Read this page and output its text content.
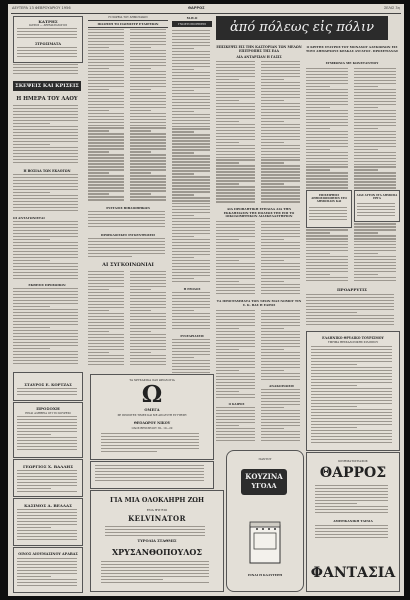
ΔΕΥΤΕΡΑ 13 ΦΕΒΡΟΥΑΡΙΟΥ 1956	ΘΑΡΡΟΣ	ΣΕΛΙΣ 3η
ΚΑΤΡΗΣ
ΙΑΤΡΟΣ — ΔΕΡΜΑΤΟΛΟΓΟΣ
ΣΤΡΩΣΙΜΑΤΑ
ΣΚΕΨΕΙΣ ΚΑΙ ΚΡΙΣΕΙΣ
Η ΗΜΕΡΑ ΤΟΥ ΛΑΟΥ
Η ΒΟΣΙΛΑ ΤΩΝ ΕΚΛΟΓΩΝ
ΟΙ ΑΝΤΑΓΩΝΙΣΤΑΙ
ΕΚΘΕΣΙΣ ΠΡΟΣΩΠΩΝ
ΣΤΑΥΡΟΣ Ε. ΚΟΡΤΖΑΣ
ΠΡΟΣΟΧΗ
ΕΙΝΑΙ ΑΛΗΘΕΙΑ ΟΤΙ ΤΟ ΚΟΥΡΕΙΟ
ΓΕΩΡΓΙΟΣ Χ. ΒΑΛΛΗΣ
ΚΑΣΙΜΟΣ Α. ΒΕΛΛΑΣ
ΟΙΝΟΣ ΔΙΟΥΜΑΣΙΝΟΥ ΑΡΑΒΑΣ
Η ΠΟΡΕΙΑ ΤΟΥ ΔΗΜΟΤΑΙΩΝ
ΠΩΛΗΣΗ ΤΟ ΠΑΙΜΙΣΤΡ ΕΤΑΙΡΕΙΩΝ
ΣΥΣΤΑΣΙΣ ΒΙΒΛΙΟΘΗΚΩΝ
ΠΡΟΕΚΛΟΓΙΚΕΣ ΣΥΓΚΕΝΤΡΩΣΕΙΣ
ΑΙ ΣΥΓΚΟΙΝΩΝΙΑΙ
Μ.Θ.Ο
ΓΝΩΣΤΟΠΟΙΗΣΕΙΣ
Η ΕΞΟΔΟΣ
ΣΥΝΕΔΡΙΑΣΕΙΣ
ΤΑ ΧΡΥΣΑΦΙΚΑ ΣΑΣ ΩΡΟΛΟΓΙΑ
Ω
ΟΜΕΓΑ
ΣΕ ΠΡΟΣΙΤΕΣ ΤΙΜΕΣ ΚΑΙ ΜΕ ΑΠΟΛΥΤΗ ΕΓΓΥΗΣΗ
ΘΕΟΔΩΡΟΥ ΝΙΚΟΥ
ΟΔΟΣ ΒΕΝΙΖΕΛΟΥ Πλ. 10—20
ΓΙΑ ΜΙΑ ΟΛΟΚΛΗΡΗ ΖΩΗ
ΕΝΑ ΨΥΓΕΙΟ
KELVINATOR
ΤΥΡΟΛΙΑ ΣΤΑΘΜΙΣ
ΧΡΥΣΑΝΘΟΠΟΥΛΟΣ
ἀπό πόλεως εἰς πόλιν
ΕΠΙΣΚΕΨΙΣ ΕΙΣ ΤΗΝ ΚΑΣΤΟΡΙΑΝ ΤΩΝ ΜΕΛΩΝ ΕΠΙΤΡΟΠΗΣ ΤΗΣ ΕΔΑ
ΔΙΑ ΑΝΤΑΡΣΙΑΝ Η ΓΑΣΙΣ
ΔΙΑ ΠΡΟΒΛΗΤΙΚΗ ΣΤΗΛΙΔΑ ΔΙΑ ΤΗΝ ΕΚΚΛΗΣΙΑΣΙΝ ΤΗΣ ΠΟΛΕΩΣ ΤΗΣ ΕΠΙ ΤΟ ΟΙΚΟΔΟΜΗΤΙΚΟΝ ΔΙΑΣΚΕΔΑΣΤΗΡΙΟΝ
ΤΑ ΠΡΟΓΡΑΜΜΑΤΑ ΤΩΝ ΝΕΩΝ ΜΑΣ ΝΟΜΟΥ ΤΙΝ Σ. Κ. ΒΑΣ Η ΕΔΡΟΣ
ΑΝΑΚΟΙΝΩΣΙΣ
Ο ΚΑΙΡΟΣ
ΠΑΝΤΟΥ
ΚΟΥΖΙΝΑ
ΥΓΟΛΑ
ΕΙΝΑΙ Η ΚΑΛΥΤΕΡΗ
Ο ΚΡΙΤΗΣ ΣΤΑΥΡΟΣ ΤΟΥ ΜΟΝΑΧΟΥ ΑΛΕΚΙΩΝΩΝ ΕΙΣ ΤΟΥΣ ΔΗΜΑΡΧΟΥΣ ΚΡΑΚΑΣ ΑΥΓΑΤΟΓ. ΠΡΟΣΕΤΙΑΝΑΣ
ΣΥΜΦΩΝΙΑ ΜΕ ΚΩΝΣΤΑΝΤΙΟΥ
ΕΠΙΧΕΙΡΗΣΙΣ ΔΗΜΟΣΙΟΠΟΙΗΣΙΝ ΣΤΟ ΔΗΜΟΣΙΑΙΝ ΚΑΙ
ΔΙΑΣ ΑΥΤΟΝ ΣΤΑ ΔΗΜΟΣΙΑ ΕΡΓΑ
ΠΡΟΑΡΡΥΤΙΣ
ΕΛΛΗΝΙΚΟ ΘΡΥΛΙΚΟ ΤΟΥΡΙΣΜΟΥ
ΤΜΗΜΑ ΘΕΣΣΑΛΟΝΙΚΗΣ ΦΙΛΙΠΠΟΥ
ΚΙΝΗΜΑΤΟΓΡΑΦΟΣ
ΘΑΡΡΟΣ
ΑΜΕΡΙΚΑΝΙΚΗ ΤΑΙΝΙΑ
ΦΑΝΤΑΣΙΑ
